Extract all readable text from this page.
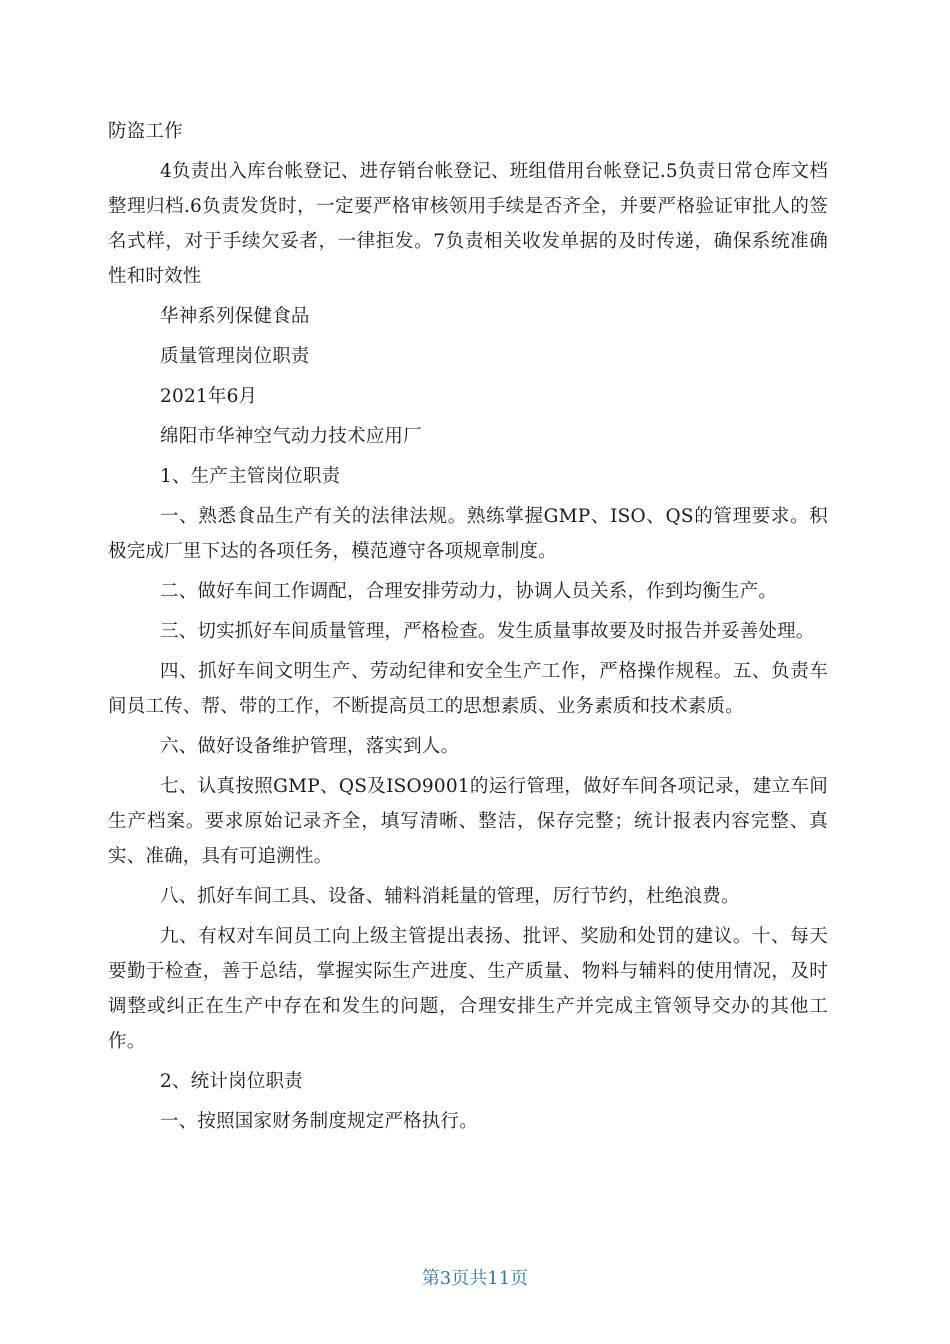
防盗工作

4负责出入库台帐登记、进存销台帐登记、班组借用台帐登记.5负责日常仓库文档整理归档.6负责发货时，一定要严格审核领用手续是否齐全，并要严格验证审批人的签名式样，对于手续欠妥者，一律拒发。7负责相关收发单据的及时传递，确保系统准确性和时效性

华神系列保健食品

质量管理岗位职责

2021年6月

绵阳市华神空气动力技术应用厂

1、生产主管岗位职责

一、熟悉食品生产有关的法律法规。熟练掌握GMP、ISO、QS的管理要求。积极完成厂里下达的各项任务，模范遵守各项规章制度。

二、做好车间工作调配，合理安排劳动力，协调人员关系，作到均衡生产。

三、切实抓好车间质量管理，严格检查。发生质量事故要及时报告并妥善处理。

四、抓好车间文明生产、劳动纪律和安全生产工作，严格操作规程。五、负责车间员工传、帮、带的工作，不断提高员工的思想素质、业务素质和技术素质。

六、做好设备维护管理，落实到人。

七、认真按照GMP、QS及ISO9001的运行管理，做好车间各项记录，建立车间生产档案。要求原始记录齐全，填写清晰、整洁，保存完整；统计报表内容完整、真实、准确，具有可追溯性。

八、抓好车间工具、设备、辅料消耗量的管理，厉行节约，杜绝浪费。

九、有权对车间员工向上级主管提出表扬、批评、奖励和处罚的建议。十、每天要勤于检查，善于总结，掌握实际生产进度、生产质量、物料与辅料的使用情况，及时调整或纠正在生产中存在和发生的问题，合理安排生产并完成主管领导交办的其他工作。

2、统计岗位职责

一、按照国家财务制度规定严格执行。

第3页共11页
